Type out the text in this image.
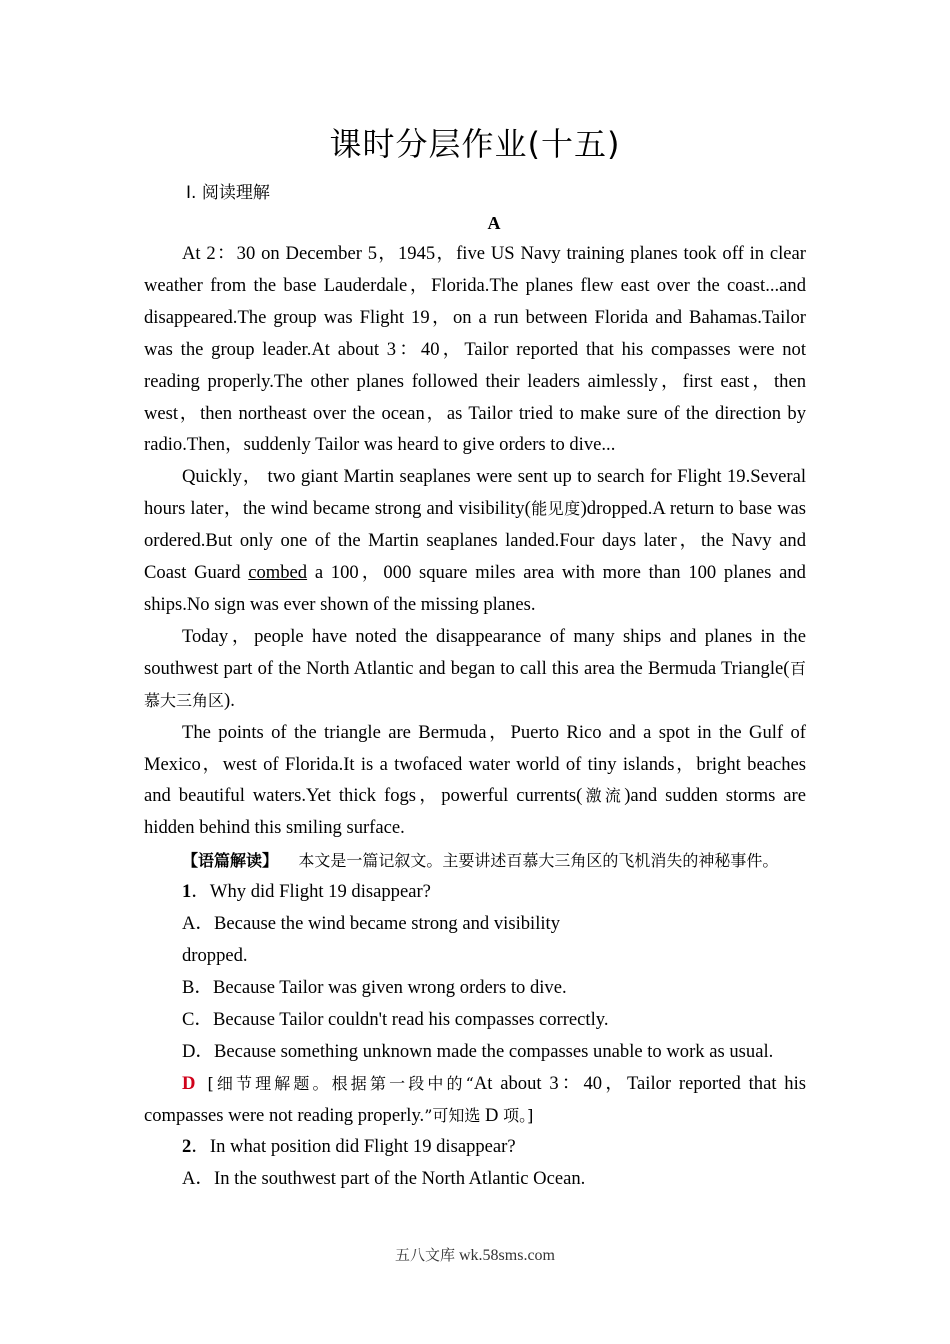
课时分层作业(十五)
Ⅰ. 阅读理解
A

At 2：30 on December 5，1945，five US Navy training planes took off in clear weather from the base Lauderdale，Florida.The planes flew east over the coast...and disappeared.The group was Flight 19，on a run between Florida and Bahamas.Tailor was the group leader.At about 3：40，Tailor reported that his compasses were not reading properly.The other planes followed their leaders aimlessly，first east，then west，then northeast over the ocean，as Tailor tried to make sure of the direction by radio.Then，suddenly Tailor was heard to give orders to dive...

Quickly， two giant Martin seaplanes were sent up to search for Flight 19.Several hours later，the wind became strong and visibility(能见度)dropped.A return to base was ordered.But only one of the Martin seaplanes landed.Four days later，the Navy and Coast Guard combed a 100，000 square miles area with more than 100 planes and ships.No sign was ever shown of the missing planes.

Today，people have noted the disappearance of many ships and planes in the southwest part of the North Atlantic and began to call this area the Bermuda Triangle(百慕大三角区).

The points of the triangle are Bermuda，Puerto Rico and a spot in the Gulf of Mexico，west of Florida.It is a twofaced water world of tiny islands，bright beaches and beautiful waters.Yet thick fogs，powerful currents(激流)and sudden storms are hidden behind this smiling surface.

【语篇解读】 本文是一篇记叙文。主要讲述百慕大三角区的飞机消失的神秘事件。

1．Why did Flight 19 disappear?

A．Because the wind became strong and visibility

dropped.

B．Because Tailor was given wrong orders to dive.

C．Because Tailor couldn't read his compasses correctly.

D．Because something unknown made the compasses unable to work as usual.

D [细节理解题。根据第一段中的“At about 3：40，Tailor reported that his compasses were not reading properly.”可知选 D 项。]

2．In what position did Flight 19 disappear?

A．In the southwest part of the North Atlantic Ocean.

五八文库 wk.58sms.com
